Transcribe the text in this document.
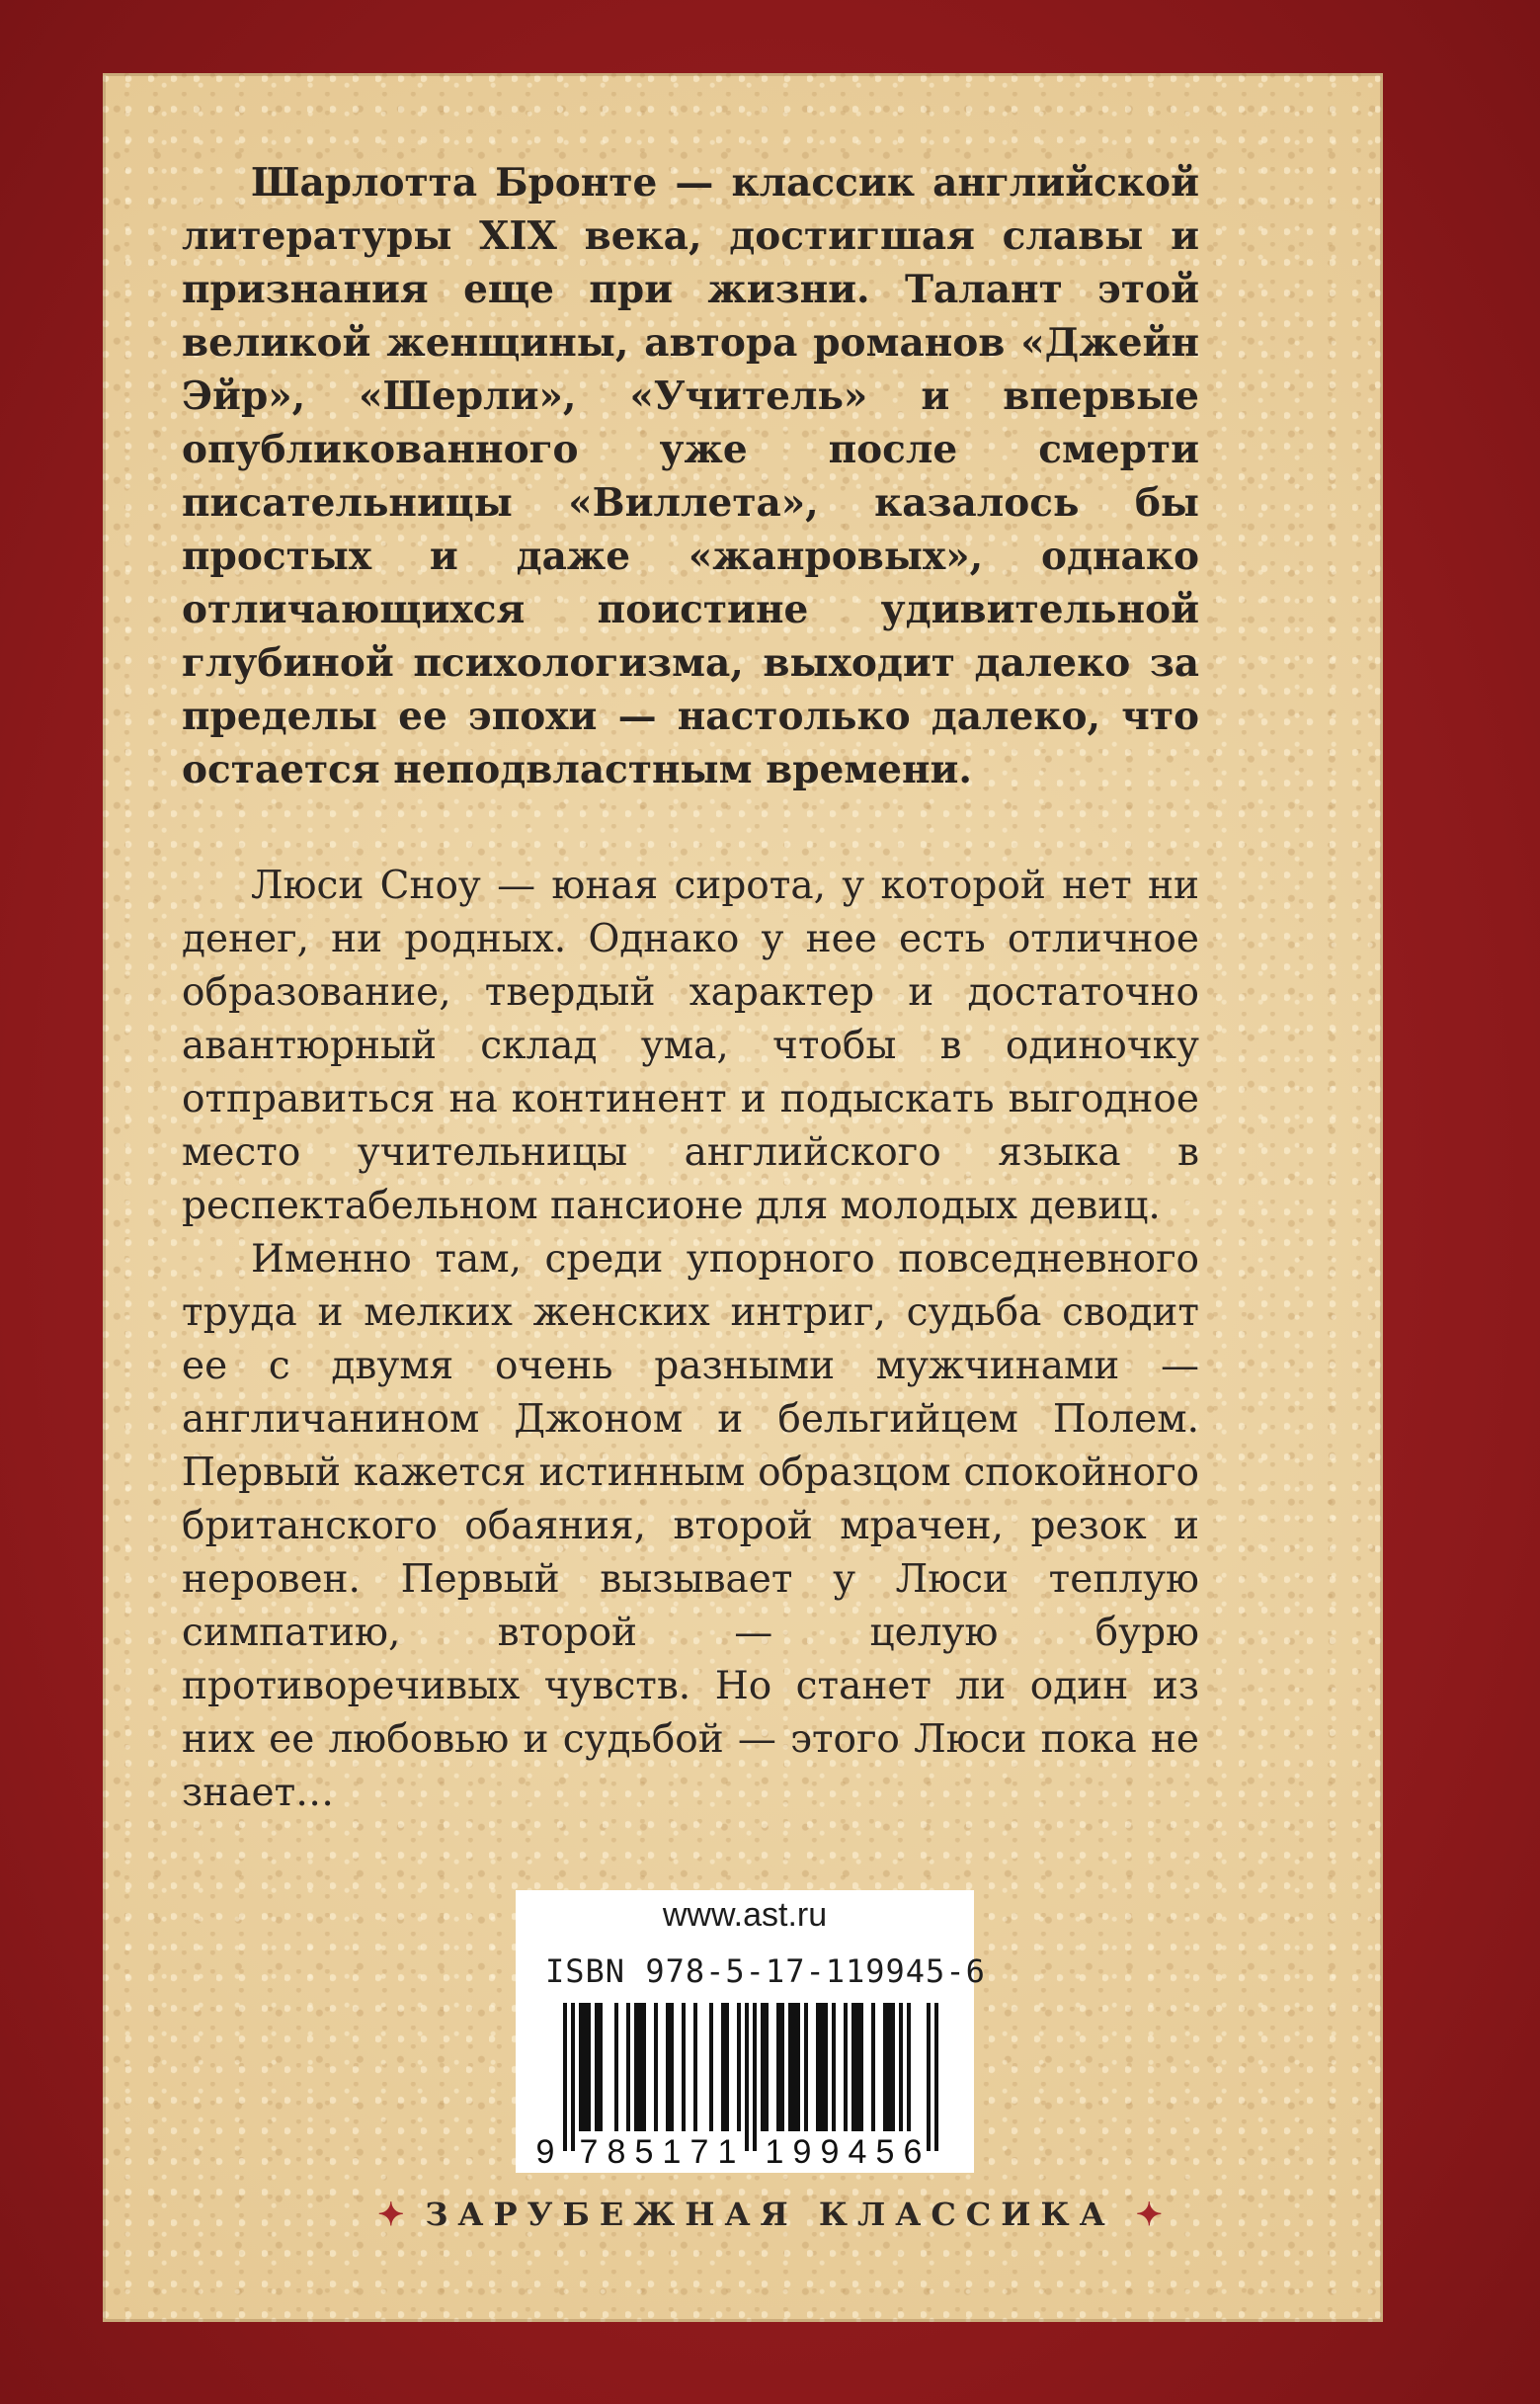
Шарлотта Бронте — классик английской литературы XIX века, достигшая славы и признания еще при жизни. Талант этой великой женщины, автора романов «Джейн Эйр», «Шерли», «Учитель» и впервые опубликованного уже после смерти писательницы «Виллета», казалось бы простых и даже «жанровых», однако отличающихся поистине удивительной глубиной психологизма, выходит далеко за пределы ее эпохи — настолько далеко, что остается неподвластным времени.

Люси Сноу — юная сирота, у которой нет ни денег, ни родных. Однако у нее есть отличное образование, твердый характер и достаточно авантюрный склад ума, чтобы в одиночку отправиться на континент и подыскать выгодное место учительницы английского языка в респектабельном пансионе для молодых девиц.

Именно там, среди упорного повседневного труда и мелких женских интриг, судьба сводит ее с двумя очень разными мужчинами — англичанином Джоном и бельгийцем Полем. Первый кажется истинным образцом спокойного британского обаяния, второй мрачен, резок и неровен. Первый вызывает у Люси теплую симпатию, второй — целую бурю противоречивых чувств. Но станет ли один из них ее любовью и судьбой — этого Люси пока не знает…

www.ast.ru
ISBN 978-5-17-119945-6
9 7 8 5 1 7 1 1 9 9 4 5 6
✦ ЗАРУБЕЖНАЯ КЛАССИКА ✦
